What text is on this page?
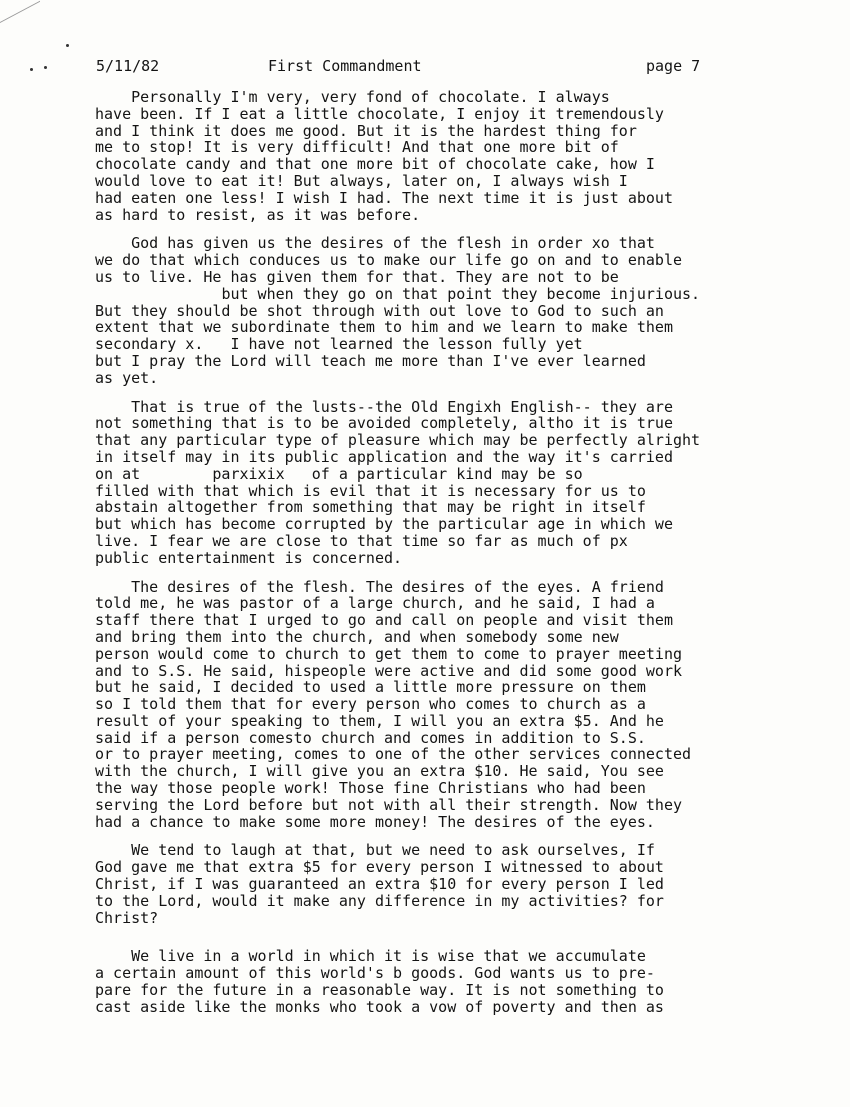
5/11/82	First Commandment	page 7

Personally I'm very, very fond of chocolate. I always
have been. If I eat a little chocolate, I enjoy it tremendously
and I think it does me good. But it is the hardest thing for
me to stop! It is very difficult! And that one more bit of
chocolate candy and that one more bit of chocolate cake, how I
would love to eat it! But always, later on, I always wish I
had eaten one less! I wish I had. The next time it is just about
as hard to resist, as it was before.

God has given us the desires of the flesh in order xo that
we do that which conduces us to make our life go on and to enable
us to live. He has given them for that. They are not to be
but when they go on that point they become injurious.
But they should be shot through with out love to God to such an
extent that we subordinate them to him and we learn to make them
secondary x.   I have not learned the lesson fully yet
but I pray the Lord will teach me more than I've ever learned
as yet.

That is true of the lusts--the Old Engixh English-- they are
not something that is to be avoided completely, altho it is true
that any particular type of pleasure which may be perfectly alright
in itself may in its public application and the way it's carried
on at        parxixix   of a particular kind may be so
filled with that which is evil that it is necessary for us to
abstain altogether from something that may be right in itself
but which has become corrupted by the particular age in which we
live. I fear we are close to that time so far as much of px
public entertainment is concerned.

The desires of the flesh. The desires of the eyes. A friend
told me, he was pastor of a large church, and he said, I had a
staff there that I urged to go and call on people and visit them
and bring them into the church, and when somebody some new
person would come to church to get them to come to prayer meeting
and to S.S. He said, hispeople were active and did some good work
but he said, I decided to used a little more pressure on them
so I told them that for every person who comes to church as a
result of your speaking to them, I will you an extra $5. And he
said if a person comesto church and comes in addition to S.S.
or to prayer meeting, comes to one of the other services connected
with the church, I will give you an extra $10. He said, You see
the way those people work! Those fine Christians who had been
serving the Lord before but not with all their strength. Now they
had a chance to make some more money! The desires of the eyes.

We tend to laugh at that, but we need to ask ourselves, If
God gave me that extra $5 for every person I witnessed to about
Christ, if I was guaranteed an extra $10 for every person I led
to the Lord, would it make any difference in my activities? for
Christ?

We live in a world in which it is wise that we accumulate
a certain amount of this world's b goods. God wants us to pre-
pare for the future in a reasonable way. It is not something to
cast aside like the monks who took a vow of poverty and then as
